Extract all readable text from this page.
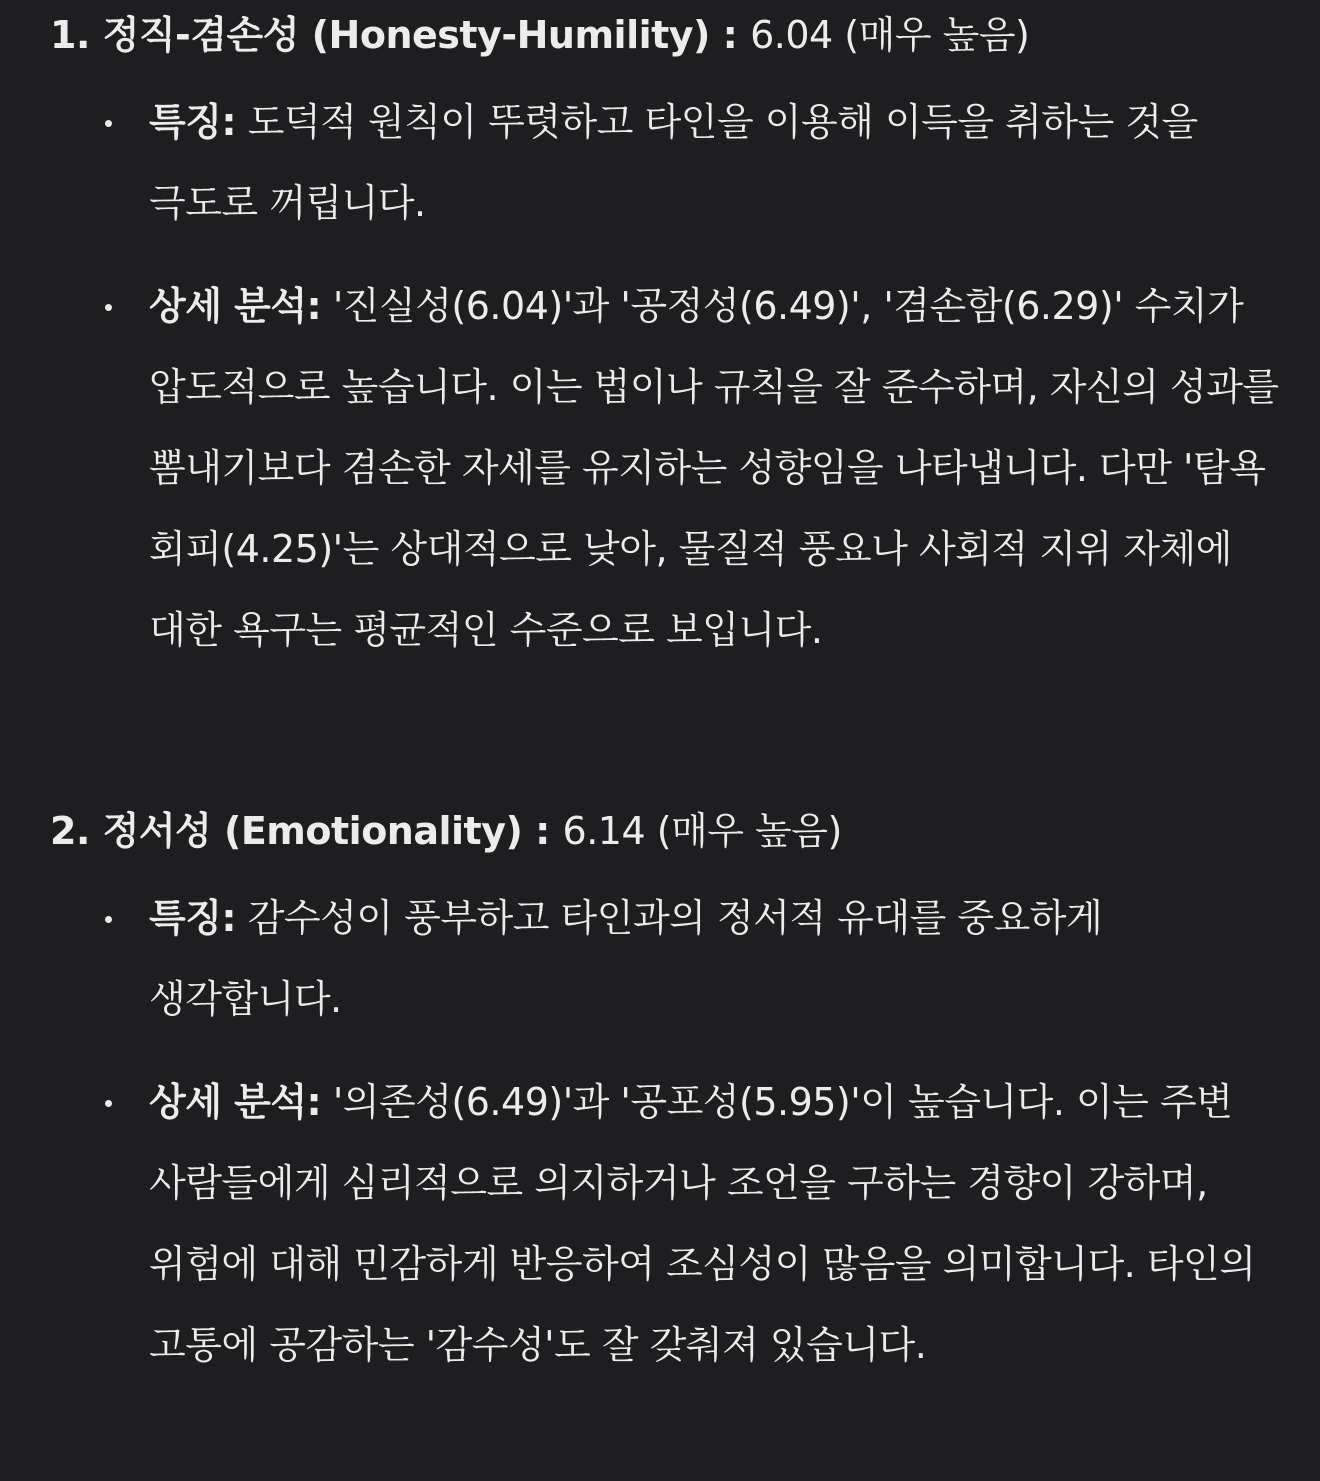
1. 정직-겸손성 (Honesty-Humility) : 6.04 (매우 높음)
특징: 도덕적 원칙이 뚜렷하고 타인을 이용해 이득을 취하는 것을 극도로 꺼립니다.
상세 분석: '진실성(6.04)'과 '공정성(6.49)', '겸손함(6.29)' 수치가 압도적으로 높습니다. 이는 법이나 규칙을 잘 준수하며, 자신의 성과를 뽐내기보다 겸손한 자세를 유지하는 성향임을 나타냅니다. 다만 '탐욕 회피(4.25)'는 상대적으로 낮아, 물질적 풍요나 사회적 지위 자체에 대한 욕구는 평균적인 수준으로 보입니다.
2. 정서성 (Emotionality) : 6.14 (매우 높음)
특징: 감수성이 풍부하고 타인과의 정서적 유대를 중요하게 생각합니다.
상세 분석: '의존성(6.49)'과 '공포성(5.95)'이 높습니다. 이는 주변 사람들에게 심리적으로 의지하거나 조언을 구하는 경향이 강하며, 위험에 대해 민감하게 반응하여 조심성이 많음을 의미합니다. 타인의 고통에 공감하는 '감수성'도 잘 갖춰져 있습니다.
